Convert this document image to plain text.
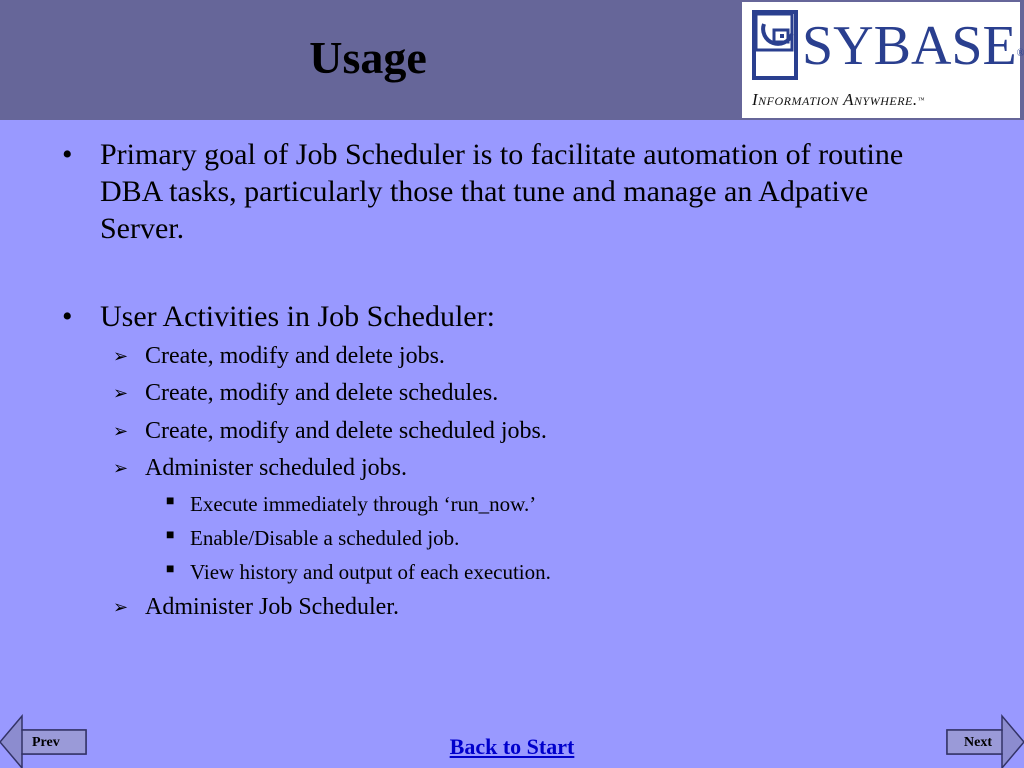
Usage	SYBASE®
Information Anywhere.™
• Primary goal of Job Scheduler is to facilitate automation of routine DBA tasks, particularly those that tune and manage an Adpative Server.
• User Activities in Job Scheduler:
➢ Create, modify and delete jobs.
➢ Create, modify and delete schedules.
➢ Create, modify and delete scheduled jobs.
➢ Administer scheduled jobs.
■ Execute immediately through ‘run_now.’
■ Enable/Disable a scheduled job.
■ View history and output of each execution.
➢ Administer Job Scheduler.
Prev	Back to Start	Next
